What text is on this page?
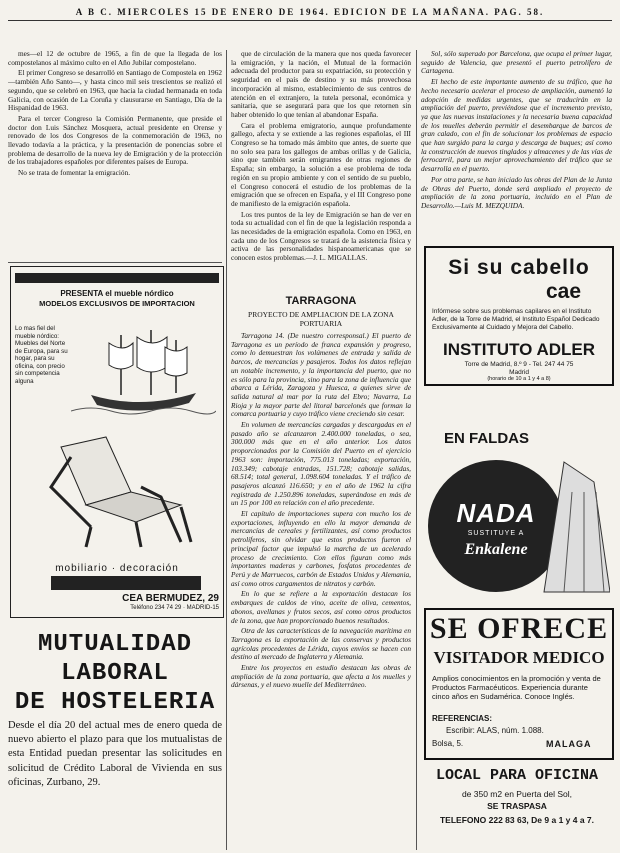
A B C. MIERCOLES 15 DE ENERO DE 1964. EDICION DE LA MAÑANA. PAG. 58.

mes—el 12 de octubre de 1965, a fin de que la llegada de los compostelanos al máximo culto en el Año Jubilar compostelano.

El primer Congreso se desarrolló en Santiago de Compostela en 1962—también Año Santo—, y hasta cinco mil seis trescientos se realizó el segundo, que se celebró en 1963, que hacia la ciudad hermanada en toda Galicia, con ocasión de La Coruña y clausurarse en Santiago, Día de la Hispanidad de 1963.

Para el tercer Congreso la Comisión Permanente, que preside el doctor don Luis Sánchez Mosquera, actual presidente en Orense y renovado de los dos Congresos de la conmemoración de 1963, no llevado todavía a la práctica, y la presentación de ponencias sobre el problema de desarrollo de la nueva ley de Emigración y de la protección de los trabajadores españoles por diferentes países de Europa.

No se trata de fomentar la emigración.

PRESENTA el mueble nórdico
MODELOS EXCLUSIVOS DE IMPORTACION
Lo mas fiel del mueble nórdico: Muebles del Norte de Europa, para su hogar, para su oficina, con precio sin competencia alguna
mobiliario · decoración
CEA BERMUDEZ, 29
Teléfono 234 74 29 · MADRID-15
MUTUALIDAD
LABORAL
DE HOSTELERIA
Desde el día 20 del actual mes de enero queda de nuevo abierto el plazo para que los mutualistas de esta Entidad puedan presentar las solicitudes en solicitud de Crédito Laboral de Vivienda en sus oficinas, Zurbano, 29.

que de circulación de la manera que nos queda favorecer la emigración, y la nación, el Mutual de la formación adecuada del productor para su expatriación, su protección y seguridad en el país de destino y su más provechosa incorporación al mismo, establecimiento de sus centros de atención en el extranjero, la tutela personal, económica y sanitaria, que se asegurará para que los que retornen sin haber obtenido lo que tenían al abandonar España.

Cara el problema emigratorio, aunque profundamente gallego, afecta y se extiende a las regiones españolas, el III Congreso se ha tomado más ámbito que antes, de suerte que no solo sea para los gallegos de ambas orillas y de Galicia, sino que también serán emigrantes de otras regiones de España; sin embargo, la solución a ese problema de toda región en su propio ambiente y con el sentido de su pueblo, el Congreso conocerá el estudio de los problemas de la emigración que se ofrecen en España, y el III Congreso pone de manifiesto de la emigración española.

Los tres puntos de la ley de Emigración se han de ver en toda su actualidad con el fin de que la legislación responda a las necesidades de la emigración española. Como en 1963, en cada uno de los Congresos se tratará de la asistencia física y activa de las personalidades hispanoamericanas que se conocen estos problemas.—J. L. MIGALLAS.

TARRAGONA
PROYECTO DE AMPLIACION DE LA ZONA PORTUARIA

Tarragona 14. (De nuestro corresponsal.) El puerto de Tarragona es un período de franca expansión y progreso, como lo demuestran los volúmenes de entrada y salida de barcos, de mercancías y pasajeros. Todos los datos reflejan un notable incremento, y la importancia del puerto, que no es sólo para la provincia, sino para la zona de influencia que abarca a Lérida, Zaragoza y Huesca, a quienes sirve de salida natural al mar por la ruta del Ebro; Navarra, La Rioja y la mayor parte del litoral barcelonés que forman la comarca portuaria y cuyo tráfico viene creciendo sin cesar.

En volumen de mercancías cargadas y descargadas en el pasado año se alcanzaron 2.400.000 toneladas, o sea, 300.000 más que en el año anterior. Los datos proporcionados por la Comisión del Puerto en el ejercicio 1963 son: importación, 775.013 toneladas; exportación, 103.349; cabotaje entradas, 151.728; cabotaje salidas, 68.514; total general, 1.098.604 toneladas. Y el tráfico de pasajeros alcanzó 116.650; y en el año de 1962 la cifra registrada de 1.250.896 toneladas, superándose en más de un 15 por 100 en relación con el año precedente.

El capítulo de importaciones supera con mucho los de exportaciones, influyendo en ello la mayor demanda de mercancías de cereales y fertilizantes, así como productos petrolíferos, sin olvidar que estos productos fueron el principal factor que impulsó la marcha de un acelerado proceso de crecimiento. Con ellos figuran como más importantes maderas y carbones, fosfatos procedentes de Perú y de Marruecos, carbón de Estados Unidos y Alemania, así como otros cargamentos de nitratos y carbón.

En lo que se refiere a la exportación destacan los embarques de caldos de vino, aceite de oliva, cementos, abonos, avellanas y frutos secos, así como otros productos de la zona, que han proporcionado buenos resultados.

Otra de las características de la navegación marítima en Tarragona es la exportación de las conservas y productos agrícolas procedentes de Lérida, cuyos envíos se hacen con destino al mercado de Inglaterra y Alemania.

Entre los proyectos en estudio destacan las obras de ampliación de la zona portuaria, que afecta a los muelles y dársenas, y el nuevo muelle del Mediterráneo.

Sol, sólo superado por Barcelona, que ocupa el primer lugar, seguido de Valencia, que presentó el puerto petrolífero de Cartagena.

El hecho de este importante aumento de su tráfico, que ha hecho necesario acelerar el proceso de ampliación, aumentó la adopción de medidas urgentes, que se traducirán en la ampliación del puerto, previéndose que el incremento previsto, ya que las nuevas instalaciones y la necesaria buena capacidad de los muelles deberán permitir el desembarque de barcos de gran calado, con el fin de solucionar los problemas de espacio que han surgido para la carga y descarga de buques; así como la construcción de nuevos tinglados y almacenes y de las vías de ferrocarril, para un mejor aprovechamiento del tráfico que se desarrolla en el puerto.

Por otra parte, se han iniciado las obras del Plan de la Junta de Obras del Puerto, donde será ampliado el proyecto de ampliación de la zona portuaria, incluido en el Plan de Desarrollo.—Luis M. MEZQUIDA.

Si su cabello
cae
Infórmese sobre sus problemas capilares en el Instituto Adler, de la Torre de Madrid, el Instituto Español Dedicado Exclusivamente al Cuidado y Mejora del Cabello.
INSTITUTO ADLER
Torre de Madrid, 8.º 9 - Tel. 247 44 75
Madrid
(horario de 10 a 1 y 4 a 8)
EN FALDAS
NADA
SUSTITUYE A
Enkalene
SE OFRECE
VISITADOR MEDICO
Amplios conocimientos en la promoción y venta de Productos Farmacéuticos. Experiencia durante cinco años en Sudamérica. Conoce Inglés.
REFERENCIAS:
Escribir: ALAS, núm. 1.088.
Bolsa, 5.	MALAGA
LOCAL PARA OFICINA
de 350 m2 en Puerta del Sol,
SE TRASPASA
TELEFONO 222 83 63, De 9 a 1 y 4 a 7.
